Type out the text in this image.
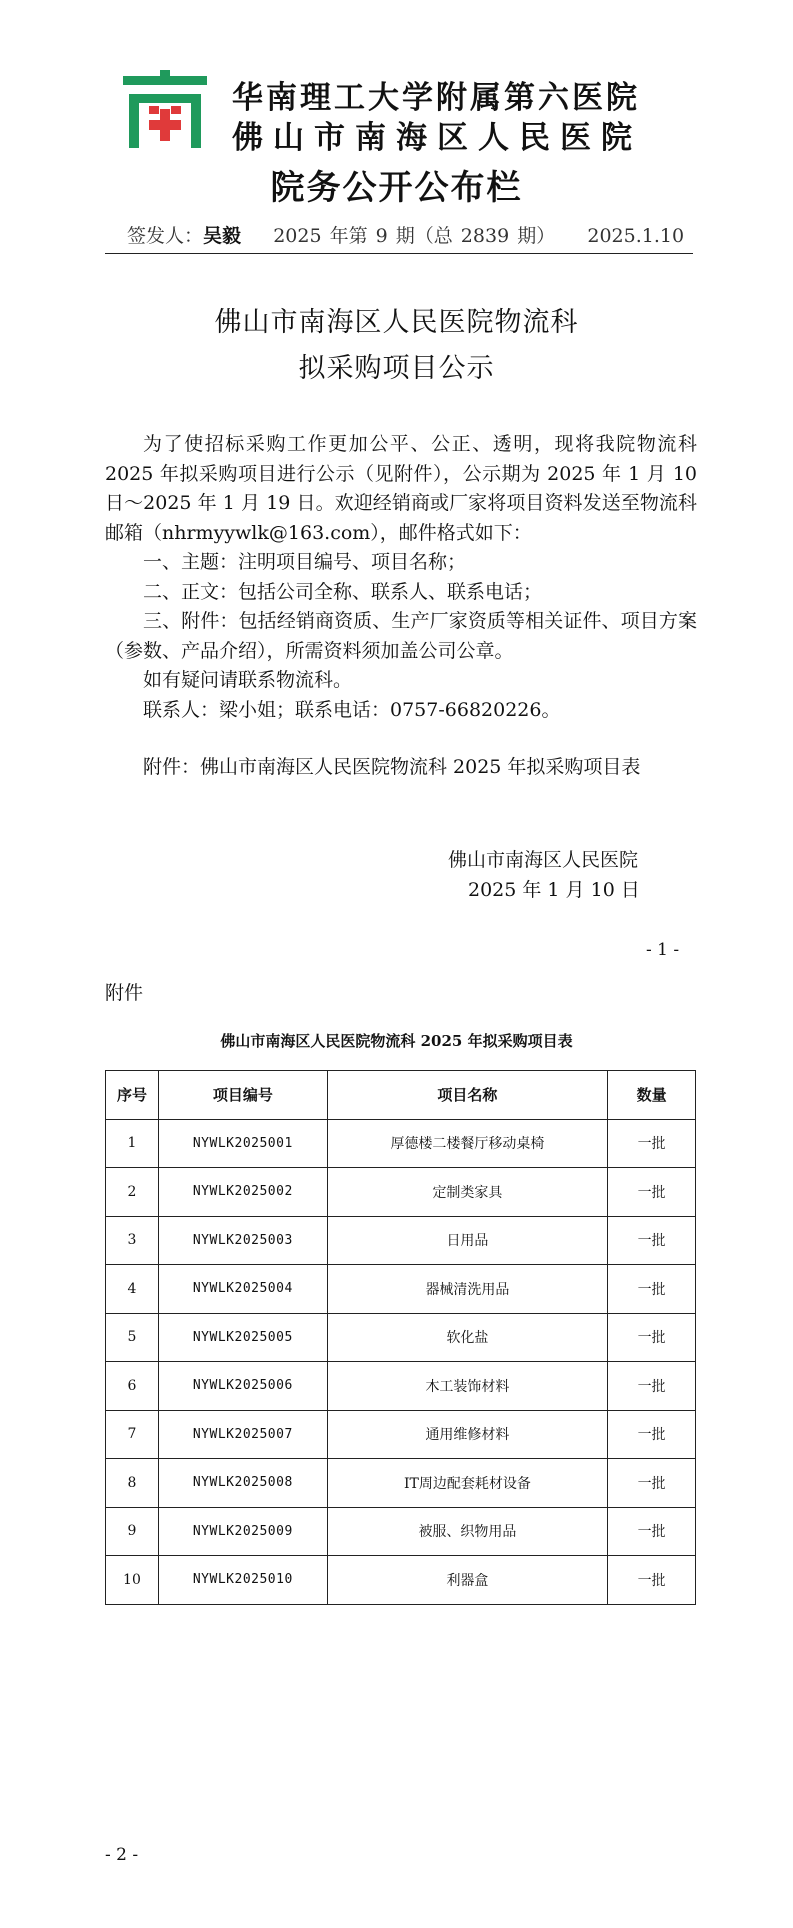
华南理工大学附属第六医院
佛山市南海区人民医院
院务公开公布栏
签发人：吴毅 2025 年第 9 期（总 2839 期） 2025.1.10
佛山市南海区人民医院物流科
拟采购项目公示

为了使招标采购工作更加公平、公正、透明，现将我院物流科 2025 年拟采购项目进行公示（见附件），公示期为 2025 年 1 月 10 日～2025 年 1 月 19 日。欢迎经销商或厂家将项目资料发送至物流科邮箱（nhrmyywlk@163.com），邮件格式如下：

一、主题：注明项目编号、项目名称；

二、正文：包括公司全称、联系人、联系电话；

三、附件：包括经销商资质、生产厂家资质等相关证件、项目方案（参数、产品介绍），所需资料须加盖公司公章。

如有疑问请联系物流科。

联系人：梁小姐；联系电话：0757-66820226。

附件：佛山市南海区人民医院物流科 2025 年拟采购项目表

佛山市南海区人民医院
2025 年 1 月 10 日
- 1 -
附件
佛山市南海区人民医院物流科 2025 年拟采购项目表
序号	项目编号	项目名称	数量
1	NYWLK2025001	厚德楼二楼餐厅移动桌椅	一批
2	NYWLK2025002	定制类家具	一批
3	NYWLK2025003	日用品	一批
4	NYWLK2025004	器械清洗用品	一批
5	NYWLK2025005	软化盐	一批
6	NYWLK2025006	木工装饰材料	一批
7	NYWLK2025007	通用维修材料	一批
8	NYWLK2025008	IT周边配套耗材设备	一批
9	NYWLK2025009	被服、织物用品	一批
10	NYWLK2025010	利器盒	一批
- 2 -
